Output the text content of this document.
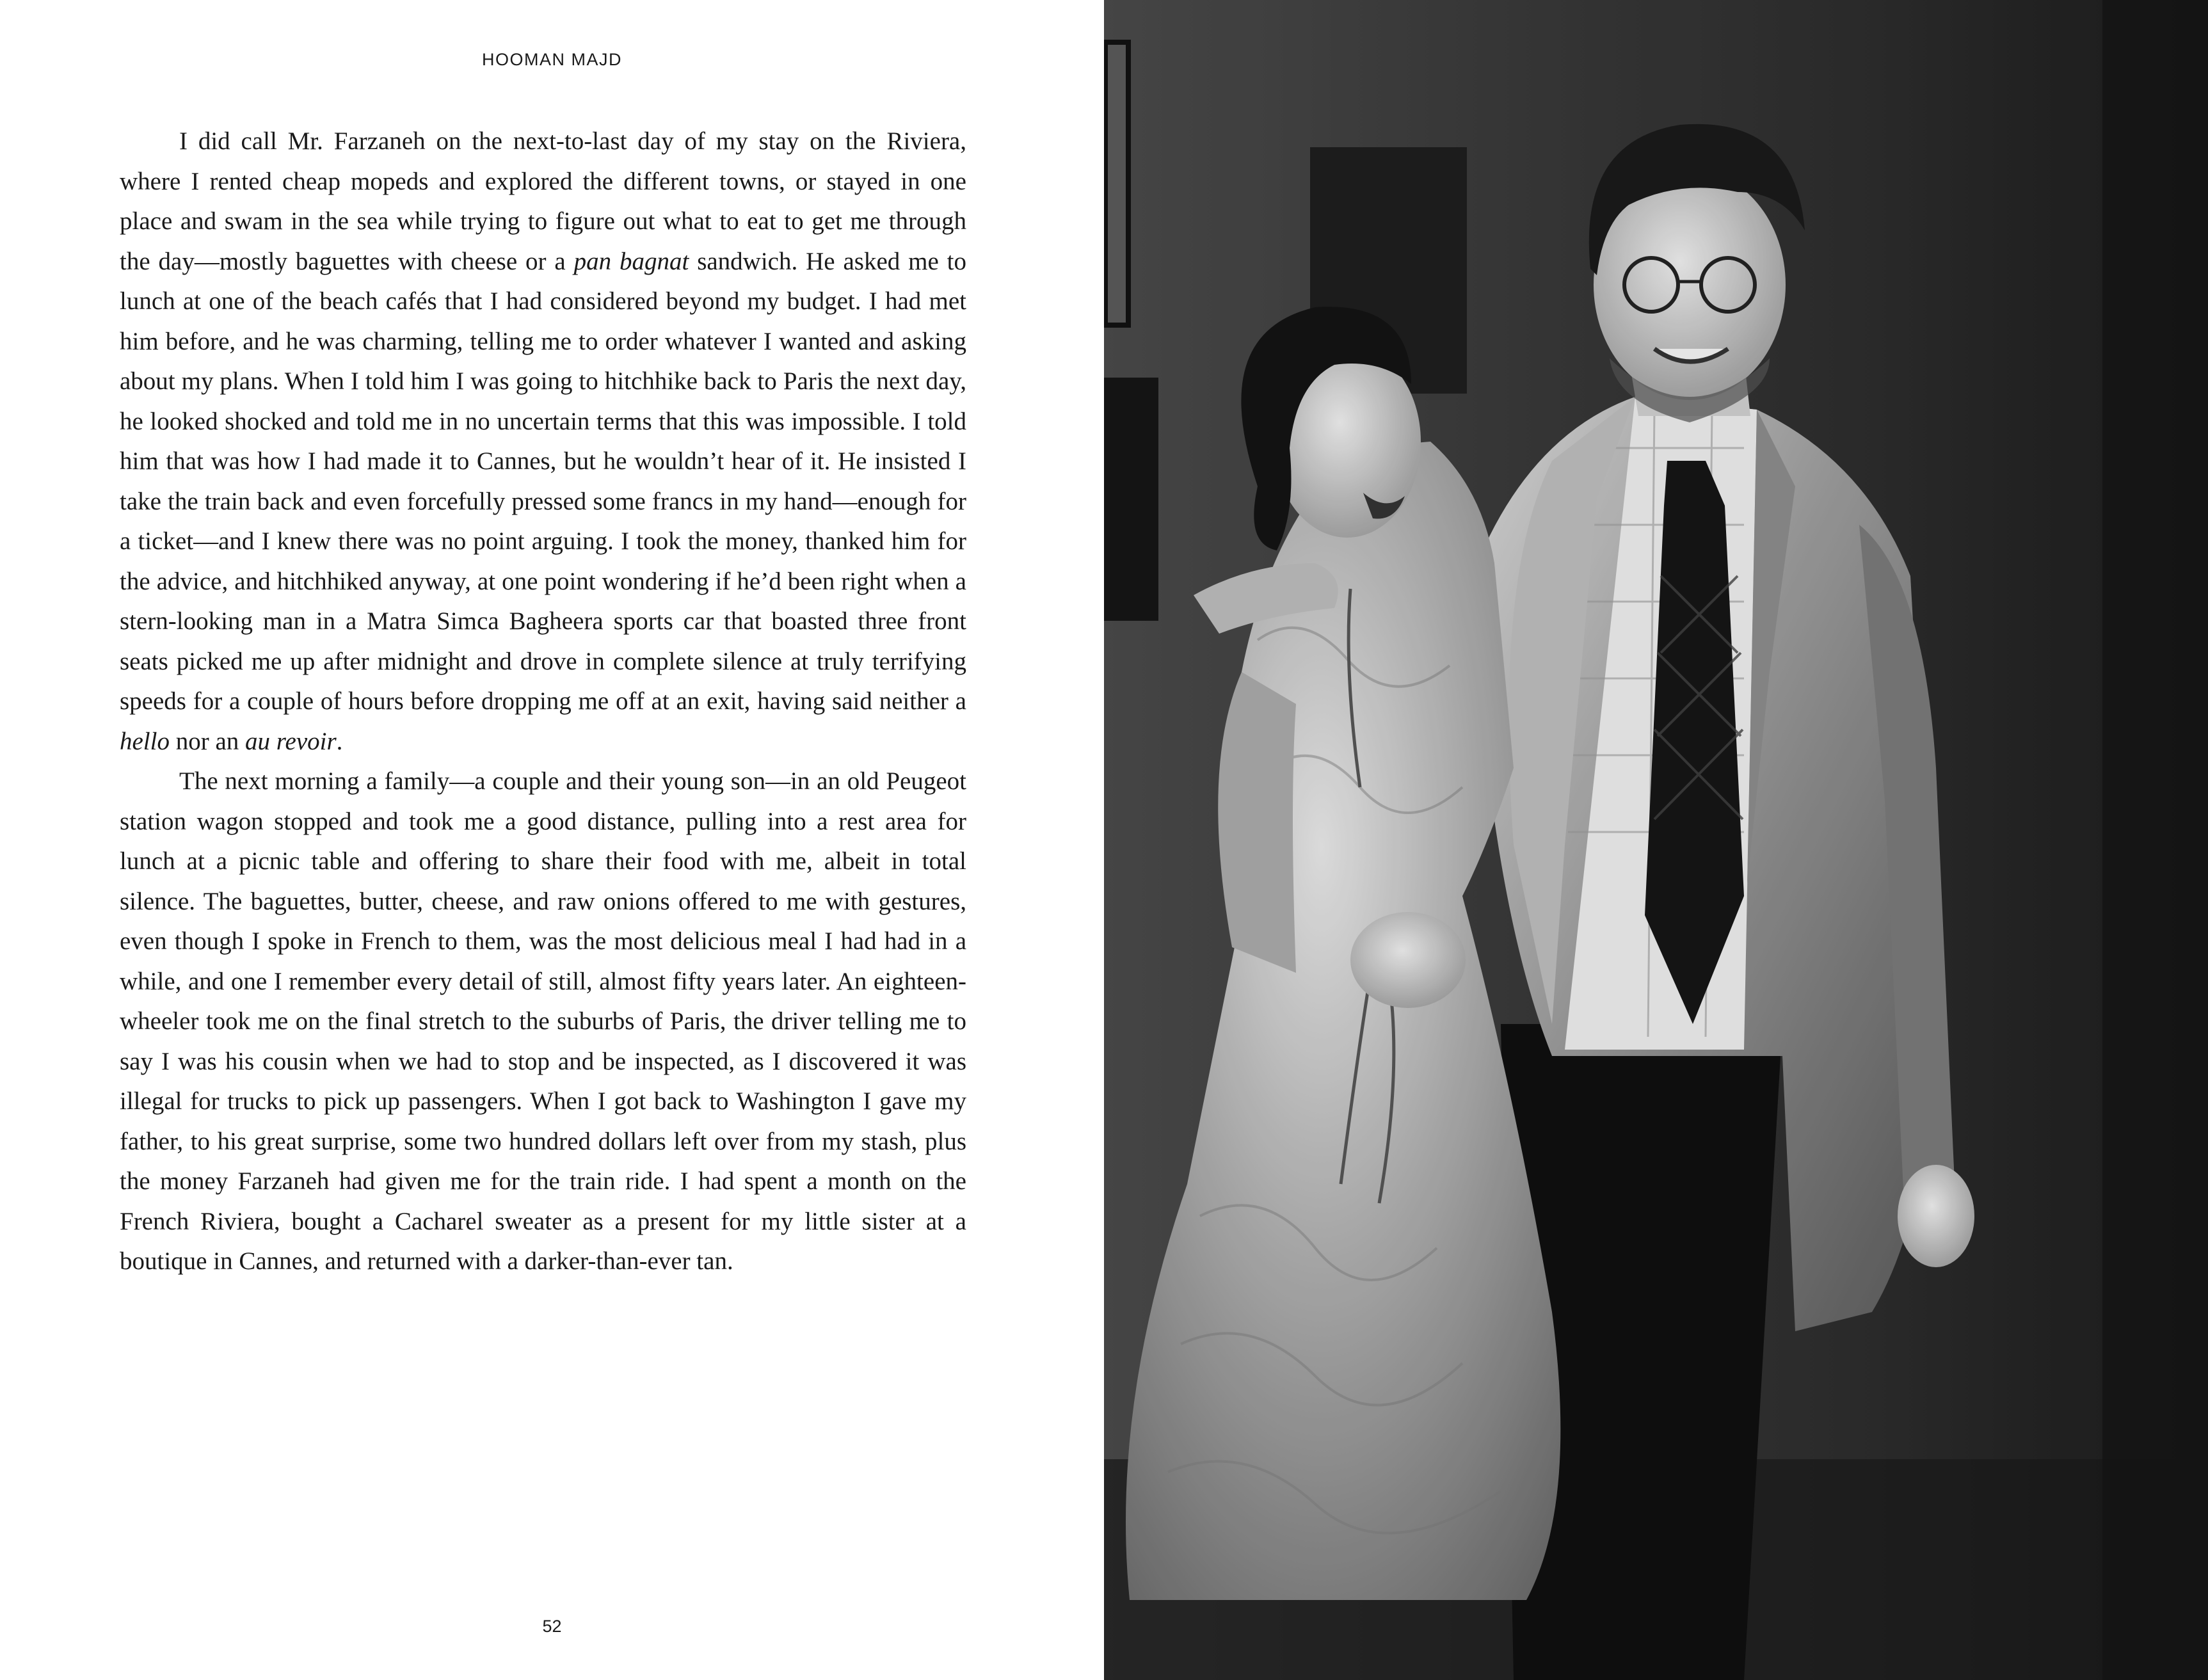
HOOMAN MAJD

I did call Mr. Farzaneh on the next-to-last day of my stay on the Riviera, where I rented cheap mopeds and explored the different towns, or stayed in one place and swam in the sea while trying to figure out what to eat to get me through the day—mostly baguettes with cheese or a pan bagnat sandwich. He asked me to lunch at one of the beach cafés that I had considered beyond my budget. I had met him before, and he was charming, telling me to order whatever I wanted and asking about my plans. When I told him I was going to hitchhike back to Paris the next day, he looked shocked and told me in no uncertain terms that this was impossible. I told him that was how I had made it to Cannes, but he wouldn’t hear of it. He insisted I take the train back and even forcefully pressed some francs in my hand—enough for a ticket—and I knew there was no point arguing. I took the money, thanked him for the advice, and hitchhiked anyway, at one point wondering if he’d been right when a stern-looking man in a Matra Simca Bagheera sports car that boasted three front seats picked me up after midnight and drove in complete silence at truly terrifying speeds for a couple of hours before dropping me off at an exit, having said neither a hello nor an au revoir.

The next morning a family—a couple and their young son—in an old Peugeot station wagon stopped and took me a good distance, pulling into a rest area for lunch at a picnic table and offering to share their food with me, albeit in total silence. The baguettes, butter, cheese, and raw onions offered to me with gestures, even though I spoke in French to them, was the most delicious meal I had had in a while, and one I remember every detail of still, almost fifty years later. An eighteen-wheeler took me on the final stretch to the suburbs of Paris, the driver telling me to say I was his cousin when we had to stop and be inspected, as I discovered it was illegal for trucks to pick up passengers. When I got back to Washington I gave my father, to his great surprise, some two hundred dollars left over from my stash, plus the money Farzaneh had given me for the train ride. I had spent a month on the French Riviera, bought a Cacharel sweater as a present for my little sister at a boutique in Cannes, and returned with a darker-than-ever tan.

52
